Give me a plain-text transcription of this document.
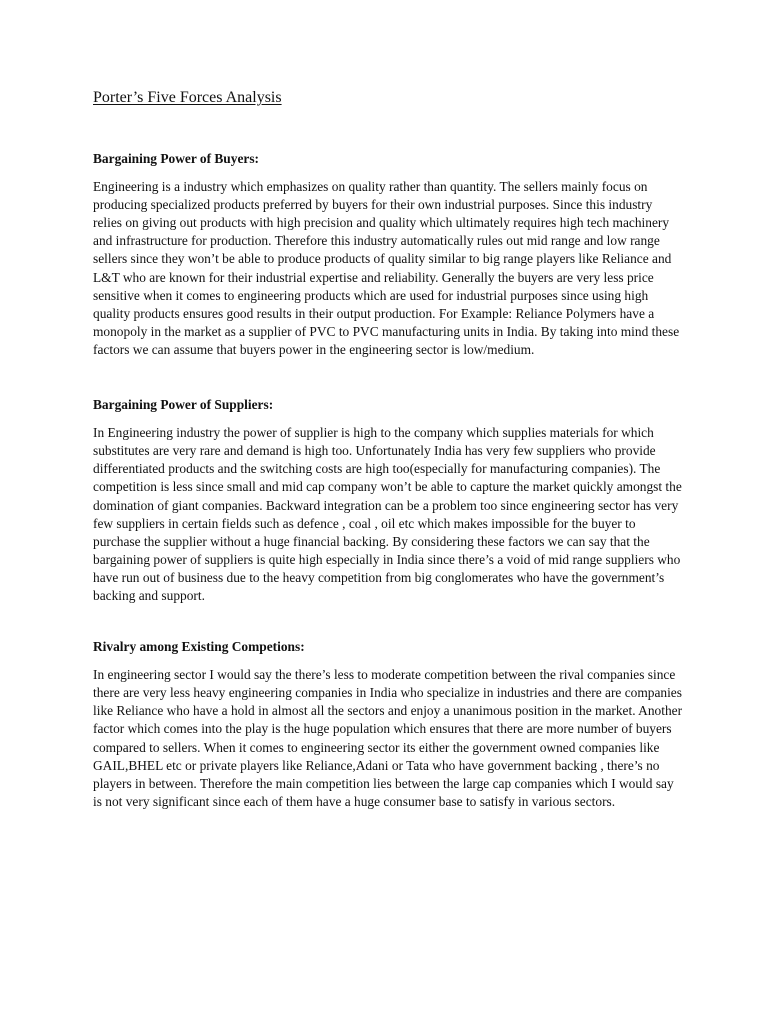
Porter’s Five Forces Analysis
Bargaining Power of Buyers:

Engineering is a industry which emphasizes on quality rather than quantity. The sellers mainly focus on producing specialized products preferred by buyers for their own industrial purposes. Since this industry relies on giving out products with high precision and quality which ultimately requires high tech machinery and infrastructure for production. Therefore this industry automatically rules out mid range and low range sellers since they won’t be able to produce products of quality similar to big range players like Reliance and L&T who are known for their industrial expertise and reliability. Generally the buyers are very less price sensitive when it comes to engineering products which are used for industrial purposes since using high quality products ensures good results in their output production. For Example: Reliance Polymers have a monopoly in the market as a supplier of PVC to PVC manufacturing units in India. By taking into mind these factors we can assume that buyers power in the engineering sector is low/medium.

Bargaining Power of Suppliers:

In Engineering industry the power of supplier is high to the company which supplies materials for which substitutes are very rare and demand is high too. Unfortunately India has very few suppliers who provide differentiated products and the switching costs are high too(especially for manufacturing companies). The competition is less since small and mid cap company won’t be able to capture the market quickly amongst the domination of giant companies. Backward integration can be a problem too since engineering sector has very few suppliers in certain fields such as defence , coal , oil etc which makes impossible for the buyer to purchase the supplier without a huge financial backing. By considering these factors we can say that the bargaining power of suppliers is quite high especially in India since there’s a void of mid range suppliers who have run out of business due to the heavy competition from big conglomerates who have the government’s backing and support.

Rivalry among Existing Competions:

In engineering sector I would say the there’s less to moderate competition between the rival companies since there are very less heavy engineering companies in India who specialize in industries and there are companies like Reliance who have a hold in almost all the sectors and enjoy a unanimous position in the market. Another factor which comes into the play is the huge population which ensures that there are more number of buyers compared to sellers. When it comes to engineering sector its either the government owned companies like GAIL,BHEL etc or private players like Reliance,Adani or Tata who have government backing , there’s no players in between. Therefore the main competition lies between the large cap companies which I would say is not very significant since each of them have a huge consumer base to satisfy in various sectors.
